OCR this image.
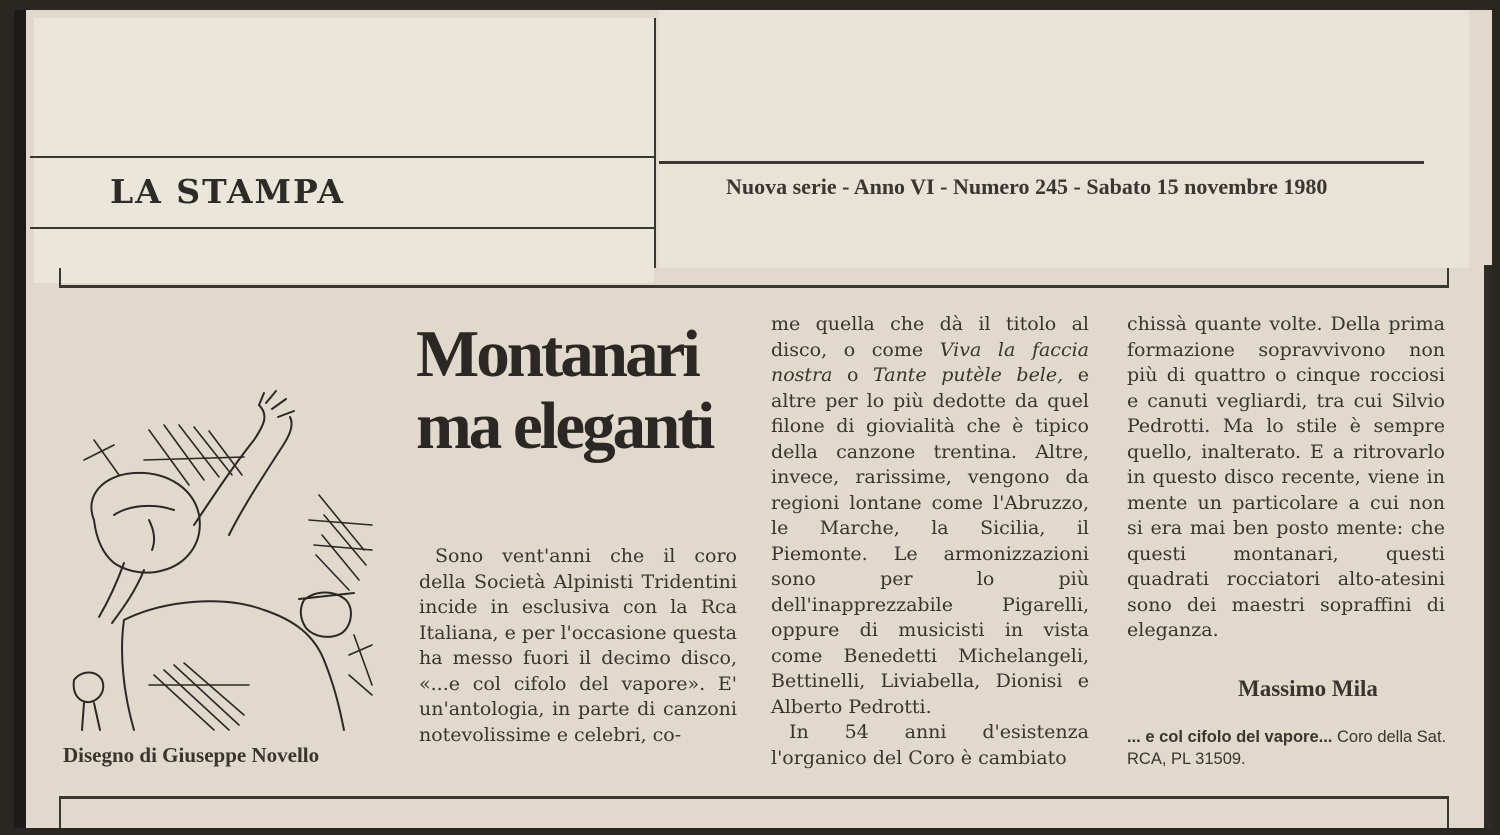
LA STAMPA	Nuova serie - Anno VI - Numero 245 - Sabato 15 novembre 1980
Disegno di Giuseppe Novello
Montanari ma eleganti

Sono vent'anni che il coro della Società Alpinisti Tridentini incide in esclusiva con la Rca Italiana, e per l'occasione questa ha messo fuori il decimo disco, «...e col cifolo del vapore». E' un'antologia, in parte di canzoni notevolissime e celebri, co-

me quella che dà il titolo al disco, o come Viva la faccia nostra o Tante putèle bele, e altre per lo più dedotte da quel filone di giovialità che è tipico della canzone trentina. Altre, invece, rarissime, vengono da regioni lontane come l'Abruzzo, le Marche, la Sicilia, il Piemonte. Le armonizzazioni sono per lo più dell'inapprezzabile Pigarelli, oppure di musicisti in vista come Benedetti Michelangeli, Bettinelli, Liviabella, Dionisi e Alberto Pedrotti.

In 54 anni d'esistenza l'organico del Coro è cambiato

chissà quante volte. Della prima formazione sopravvivono non più di quattro o cinque rocciosi e canuti vegliardi, tra cui Silvio Pedrotti. Ma lo stile è sempre quello, inalterato. E a ritrovarlo in questo disco recente, viene in mente un particolare a cui non si era mai ben posto mente: che questi montanari, questi quadrati rocciatori alto-atesini sono dei maestri sopraffini di eleganza.

Massimo Mila
... e col cifolo del vapore... Coro della Sat. RCA, PL 31509.
